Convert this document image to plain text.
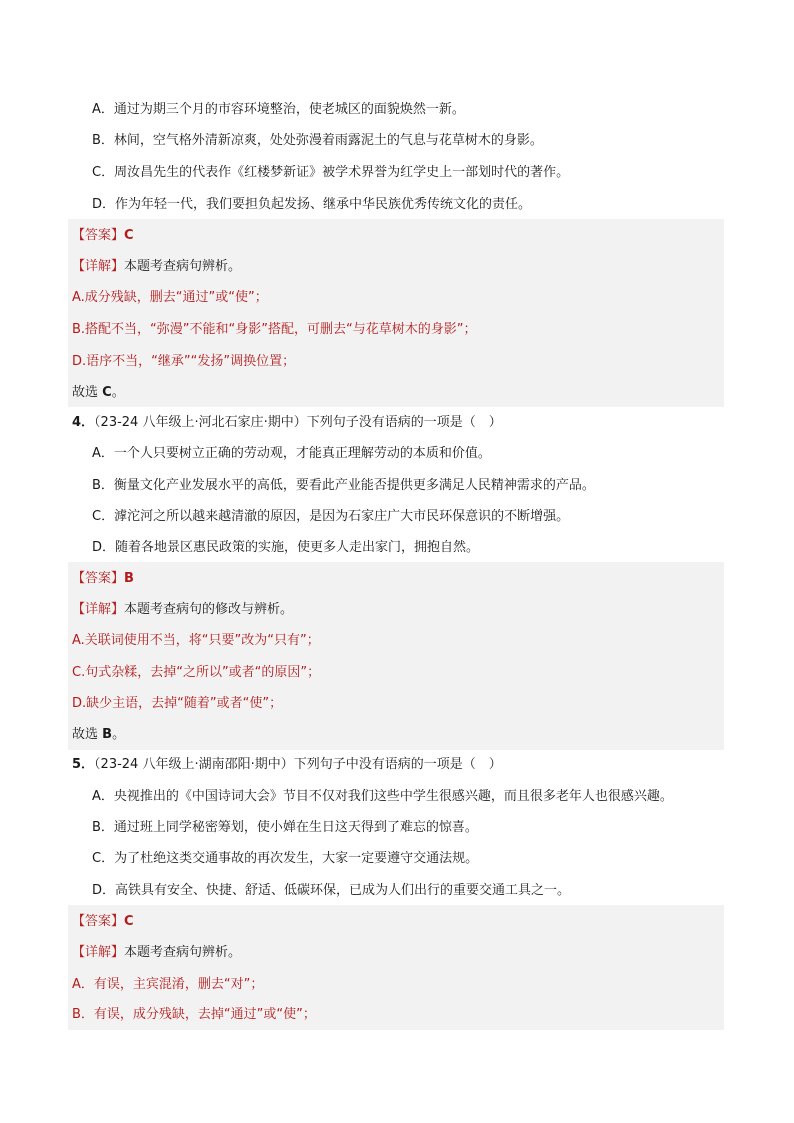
A．通过为期三个月的市容环境整治，使老城区的面貌焕然一新。
B．林间，空气格外清新凉爽，处处弥漫着雨露泥土的气息与花草树木的身影。
C．周汝昌先生的代表作《红楼梦新证》被学术界誉为红学史上一部划时代的著作。
D．作为年轻一代，我们要担负起发扬、继承中华民族优秀传统文化的责任。
【答案】C
【详解】本题考查病句辨析。
A.成分残缺，删去“通过”或“使”；
B.搭配不当，“弥漫”不能和“身影”搭配，可删去“与花草树木的身影”；
D.语序不当，“继承”“发扬”调换位置；
故选 C。
4．（23-24 八年级上·河北石家庄·期中）下列句子没有语病的一项是（　）
A．一个人只要树立正确的劳动观，才能真正理解劳动的本质和价值。
B．衡量文化产业发展水平的高低，要看此产业能否提供更多满足人民精神需求的产品。
C．滹沱河之所以越来越清澈的原因，是因为石家庄广大市民环保意识的不断增强。
D．随着各地景区惠民政策的实施，使更多人走出家门，拥抱自然。
【答案】B
【详解】本题考查病句的修改与辨析。
A.关联词使用不当，将“只要”改为“只有”；
C.句式杂糅，去掉“之所以”或者“的原因”；
D.缺少主语，去掉“随着”或者“使”；
故选 B。
5．（23-24 八年级上·湖南邵阳·期中）下列句子中没有语病的一项是（　）
A．央视推出的《中国诗词大会》节目不仅对我们这些中学生很感兴趣，而且很多老年人也很感兴趣。
B．通过班上同学秘密筹划，使小婵在生日这天得到了难忘的惊喜。
C．为了杜绝这类交通事故的再次发生，大家一定要遵守交通法规。
D．高铁具有安全、快捷、舒适、低碳环保，已成为人们出行的重要交通工具之一。
【答案】C
【详解】本题考查病句辨析。
A．有误，主宾混淆，删去“对”；
B．有误，成分残缺，去掉“通过”或“使”；
